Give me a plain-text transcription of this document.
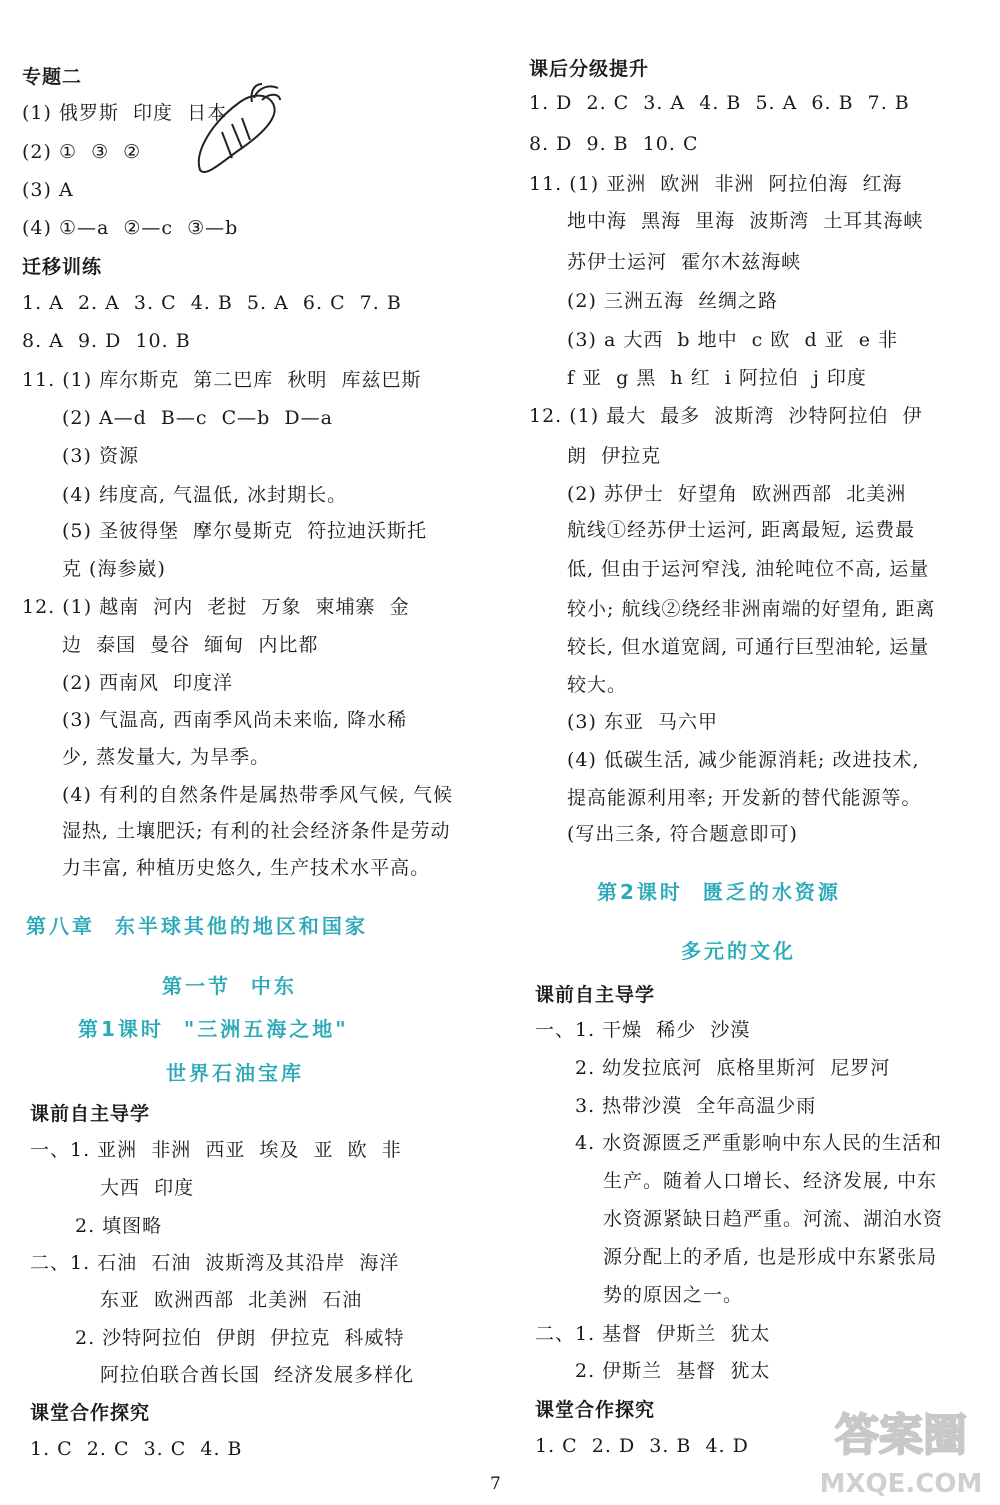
专题二
(1) 俄罗斯  印度  日本
(2) ①  ③  ②
(3) A
(4) ①—a  ②—c  ③—b
迁移训练
1. A  2. A  3. C  4. B  5. A  6. C  7. B
8. A  9. D  10. B
11. (1) 库尔斯克  第二巴库  秋明  库兹巴斯
(2) A—d  B—c  C—b  D—a
(3) 资源
(4) 纬度高, 气温低, 冰封期长。
(5) 圣彼得堡  摩尔曼斯克  符拉迪沃斯托
克 (海参崴)
12. (1) 越南  河内  老挝  万象  柬埔寨  金
边  泰国  曼谷  缅甸  内比都
(2) 西南风  印度洋
(3) 气温高, 西南季风尚未来临, 降水稀
少, 蒸发量大, 为旱季。
(4) 有利的自然条件是属热带季风气候, 气候
湿热, 土壤肥沃; 有利的社会经济条件是劳动
力丰富, 种植历史悠久, 生产技术水平高。
第八章  东半球其他的地区和国家
第一节  中东
第1课时  "三洲五海之地"
世界石油宝库
课前自主导学
一、1. 亚洲  非洲  西亚  埃及  亚  欧  非
大西  印度
2. 填图略
二、1. 石油  石油  波斯湾及其沿岸  海洋
东亚  欧洲西部  北美洲  石油
2. 沙特阿拉伯  伊朗  伊拉克  科威特
阿拉伯联合酋长国  经济发展多样化
课堂合作探究
1. C  2. C  3. C  4. B
课后分级提升
1. D  2. C  3. A  4. B  5. A  6. B  7. B
8. D  9. B  10. C
11. (1) 亚洲  欧洲  非洲  阿拉伯海  红海
地中海  黑海  里海  波斯湾  土耳其海峡
苏伊士运河  霍尔木兹海峡
(2) 三洲五海  丝绸之路
(3) a 大西  b 地中  c 欧  d 亚  e 非
f 亚  g 黑  h 红  i 阿拉伯  j 印度
12. (1) 最大  最多  波斯湾  沙特阿拉伯  伊
朗  伊拉克
(2) 苏伊士  好望角  欧洲西部  北美洲
航线①经苏伊士运河, 距离最短, 运费最
低, 但由于运河窄浅, 油轮吨位不高, 运量
较小; 航线②绕经非洲南端的好望角, 距离
较长, 但水道宽阔, 可通行巨型油轮, 运量
较大。
(3) 东亚  马六甲
(4) 低碳生活, 减少能源消耗; 改进技术,
提高能源利用率; 开发新的替代能源等。
(写出三条, 符合题意即可)
第2课时  匮乏的水资源
多元的文化
课前自主导学
一、1. 干燥  稀少  沙漠
2. 幼发拉底河  底格里斯河  尼罗河
3. 热带沙漠  全年高温少雨
4. 水资源匮乏严重影响中东人民的生活和
生产。随着人口增长、经济发展, 中东
水资源紧缺日趋严重。河流、湖泊水资
源分配上的矛盾, 也是形成中东紧张局
势的原因之一。
二、1. 基督  伊斯兰  犹太
2. 伊斯兰  基督  犹太
课堂合作探究
1. C  2. D  3. B  4. D
7
答案圈
MXQE.COM
